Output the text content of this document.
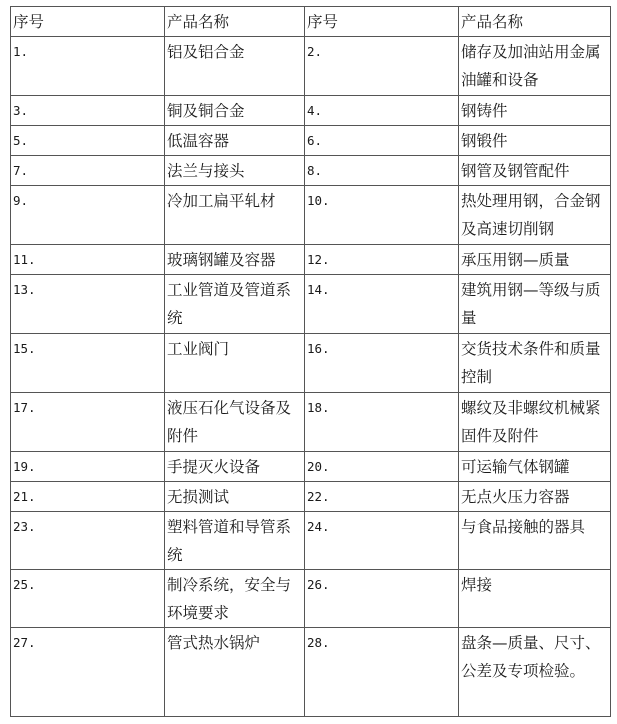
序号	产品名称	序号	产品名称
1.	铝及铝合金	2.	储存及加油站用金属油罐和设备
3.	铜及铜合金	4.	钢铸件
5.	低温容器	6.	钢锻件
7.	法兰与接头	8.	钢管及钢管配件
9.	冷加工扁平轧材	10.	热处理用钢，合金钢及高速切削钢
11.	玻璃钢罐及容器	12.	承压用钢—质量
13.	工业管道及管道系统	14.	建筑用钢—等级与质量
15.	工业阀门	16.	交货技术条件和质量控制
17.	液压石化气设备及附件	18.	螺纹及非螺纹机械紧固件及附件
19.	手提灭火设备	20.	可运输气体钢罐
21.	无损测试	22.	无点火压力容器
23.	塑料管道和导管系统	24.	与食品接触的器具
25.	制冷系统，安全与环境要求	26.	焊接
27.	管式热水锅炉	28.	盘条—质量、尺寸、公差及专项检验。
